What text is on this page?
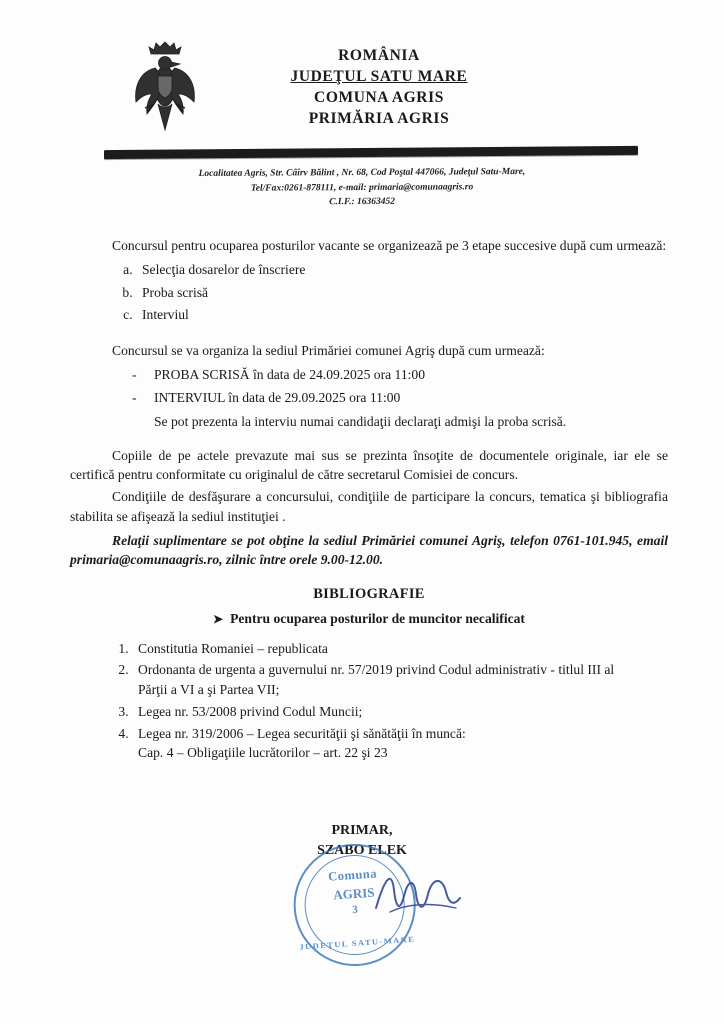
ROMÂNIA
JUDEŢUL SATU MARE
COMUNA AGRIS
PRIMĂRIA AGRIS
Localitatea Agris, Str. Câîrv Bălint , Nr. 68, Cod Poştal 447066, Judeţul Satu-Mare,
Tel/Fax:0261-878111, e-mail: primaria@comunaagris.ro
C.I.F.: 16363452
Concursul pentru ocuparea posturilor vacante se organizează pe 3 etape succesive după cum urmează:
a. Selecţia dosarelor de înscriere
b. Proba scrisă
c. Interviul
Concursul se va organiza la sediul Primăriei comunei Agriş după cum urmează:
- PROBA SCRISĂ în data de 24.09.2025 ora 11:00
- INTERVIUL în data de 29.09.2025 ora 11:00
Se pot prezenta la interviu numai candidaţii declaraţi admişi la proba scrisă.
Copiile de pe actele prevazute mai sus se prezinta însoţite de documentele originale, iar ele se certifică pentru conformitate cu originalul de către secretarul Comisiei de concurs.
Condiţiile de desfăşurare a concursului, condiţiile de participare la concurs, tematica şi bibliografia stabilita se afişează la sediul instituţiei .
Relaţii suplimentare se pot obţine la sediul Primăriei comunei Agriş, telefon 0761-101.945, email primaria@comunaagris.ro, zilnic între orele 9.00-12.00.
BIBLIOGRAFIE
➤ Pentru ocuparea posturilor de muncitor necalificat
1. Constitutia Romaniei – republicata
2. Ordonanta de urgenta a guvernului nr. 57/2019 privind Codul administrativ - titlul III al
Părţii a VI a şi Partea VII;
3. Legea nr. 53/2008 privind Codul Muncii;
4. Legea nr. 319/2006 – Legea securităţii şi sănătăţii în muncă:
Cap. 4 – Obligaţiile lucrătorilor – art. 22 şi 23
PRIMAR,
SZABO ELEK
Comuna
AGRIS
3
JUDEŢUL SATU-MARE
